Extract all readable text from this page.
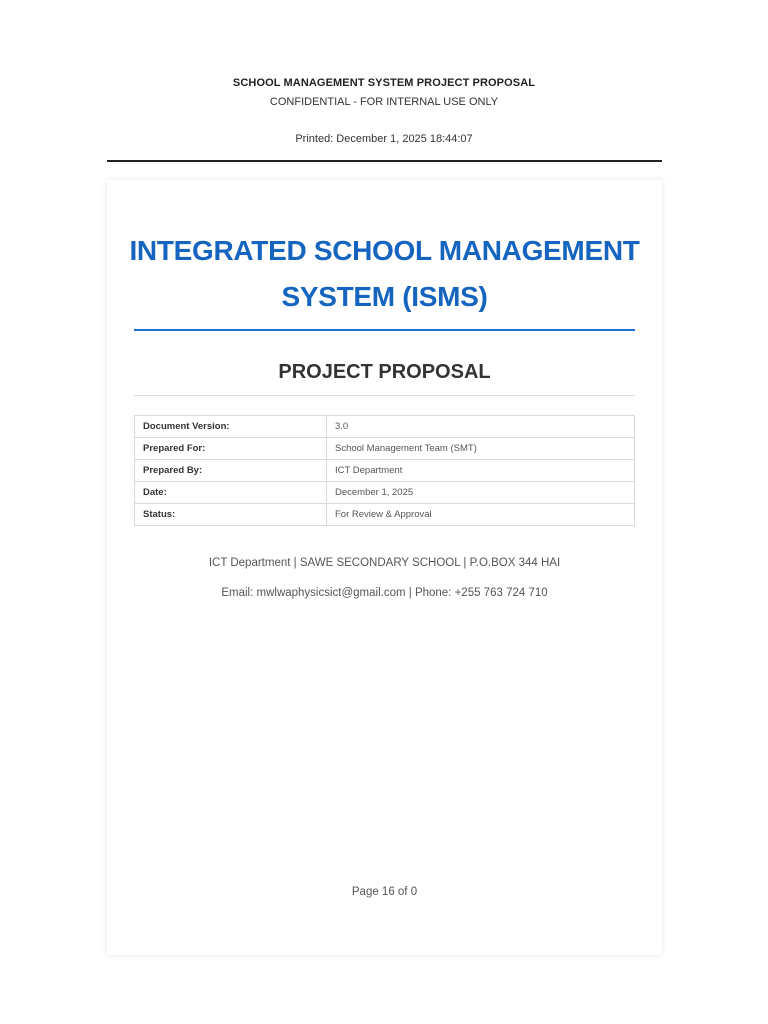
SCHOOL MANAGEMENT SYSTEM PROJECT PROPOSAL
CONFIDENTIAL - FOR INTERNAL USE ONLY
Printed: December 1, 2025 18:44:07
INTEGRATED SCHOOL MANAGEMENT
SYSTEM (ISMS)
PROJECT PROPOSAL
Document Version:	3.0
Prepared For:	School Management Team (SMT)
Prepared By:	ICT Department
Date:	December 1, 2025
Status:	For Review & Approval
ICT Department | SAWE SECONDARY SCHOOL | P.O.BOX 344 HAI
Email: mwlwaphysicsict@gmail.com | Phone: +255 763 724 710
Page 16 of 0
